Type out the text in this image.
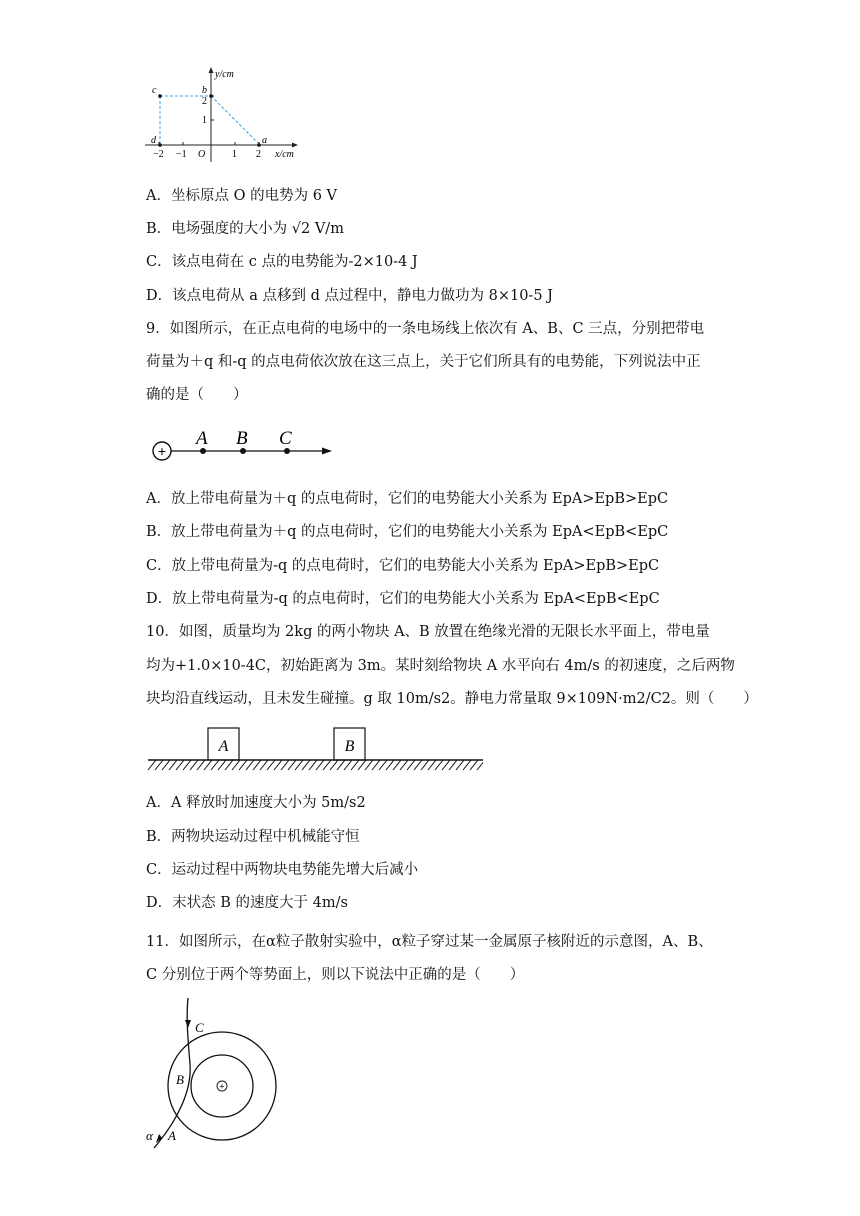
y/cm
x/cm
O
−2 −1	1 2
1
2
a
b
c
d
A．坐标原点 O 的电势为 6 V
B．电场强度的大小为 √2 V/m
C．该点电荷在 c 点的电势能为-2×10-4 J
D．该点电荷从 a 点移到 d 点过程中，静电力做功为 8×10-5 J
9．如图所示，在正点电荷的电场中的一条电场线上依次有 A、B、C 三点，分别把带电
荷量为＋q 和-q 的点电荷依次放在这三点上，关于它们所具有的电势能，下列说法中正
确的是（　　）
+
A B C
A．放上带电荷量为＋q 的点电荷时，它们的电势能大小关系为 EpA>EpB>EpC
B．放上带电荷量为＋q 的点电荷时，它们的电势能大小关系为 EpA<EpB<EpC
C．放上带电荷量为-q 的点电荷时，它们的电势能大小关系为 EpA>EpB>EpC
D．放上带电荷量为-q 的点电荷时，它们的电势能大小关系为 EpA<EpB<EpC
10．如图，质量均为 2kg 的两小物块 A、B 放置在绝缘光滑的无限长水平面上，带电量
均为+1.0×10-4C，初始距离为 3m。某时刻给物块 A 水平向右 4m/s 的初速度，之后两物
块均沿直线运动，且未发生碰撞。g 取 10m/s2。静电力常量取 9×109N·m2/C2。则（　　）
A	B
A．A 释放时加速度大小为 5m/s2
B．两物块运动过程中机械能守恒
C．运动过程中两物块电势能先增大后减小
D．末状态 B 的速度大于 4m/s
11．如图所示，在α粒子散射实验中，α粒子穿过某一金属原子核附近的示意图，A、B、
C 分别位于两个等势面上，则以下说法中正确的是（　　）
+
C
B
α A
